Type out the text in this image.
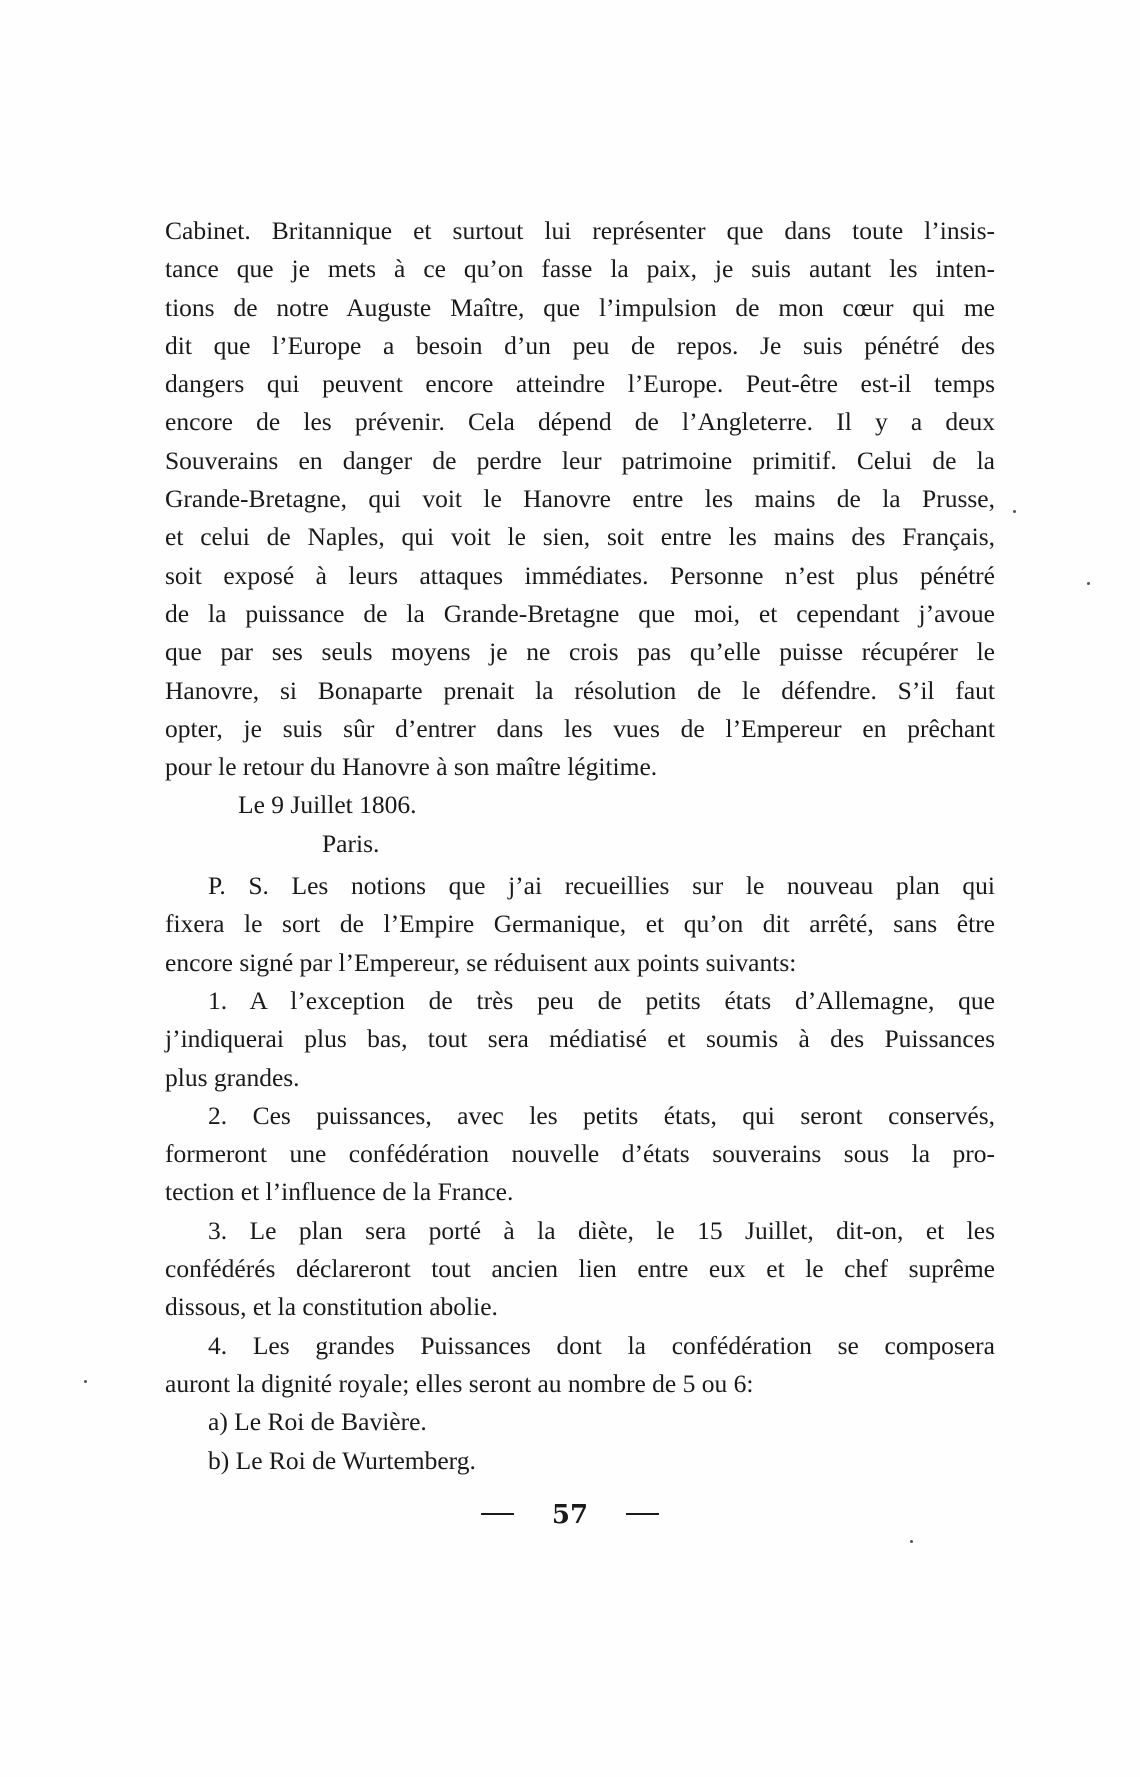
Cabinet. Britannique et surtout lui représenter que dans toute l’insis-
tance que je mets à ce qu’on fasse la paix, je suis autant les inten-
tions de notre Auguste Maître, que l’impulsion de mon cœur qui me
dit que l’Europe a besoin d’un peu de repos. Je suis pénétré des
dangers qui peuvent encore atteindre l’Europe. Peut-être est-il temps
encore de les prévenir. Cela dépend de l’Angleterre. Il y a deux
Souverains en danger de perdre leur patrimoine primitif. Celui de la
Grande-Bretagne, qui voit le Hanovre entre les mains de la Prusse,
et celui de Naples, qui voit le sien, soit entre les mains des Français,
soit exposé à leurs attaques immédiates. Personne n’est plus pénétré
de la puissance de la Grande-Bretagne que moi, et cependant j’avoue
que par ses seuls moyens je ne crois pas qu’elle puisse récupérer le
Hanovre, si Bonaparte prenait la résolution de le défendre. S’il faut
opter, je suis sûr d’entrer dans les vues de l’Empereur en prêchant
pour le retour du Hanovre à son maître légitime.
Le 9 Juillet 1806.
Paris.
P. S. Les notions que j’ai recueillies sur le nouveau plan qui
fixera le sort de l’Empire Germanique, et qu’on dit arrêté, sans être
encore signé par l’Empereur, se réduisent aux points suivants:
1. A l’exception de très peu de petits états d’Allemagne, que
j’indiquerai plus bas, tout sera médiatisé et soumis à des Puissances
plus grandes.
2. Ces puissances, avec les petits états, qui seront conservés,
formeront une confédération nouvelle d’états souverains sous la pro-
tection et l’influence de la France.
3. Le plan sera porté à la diète, le 15 Juillet, dit-on, et les
confédérés déclareront tout ancien lien entre eux et le chef suprême
dissous, et la constitution abolie.
4. Les grandes Puissances dont la confédération se composera
auront la dignité royale; elles seront au nombre de 5 ou 6:
a) Le Roi de Bavière.
b) Le Roi de Wurtemberg.
57
